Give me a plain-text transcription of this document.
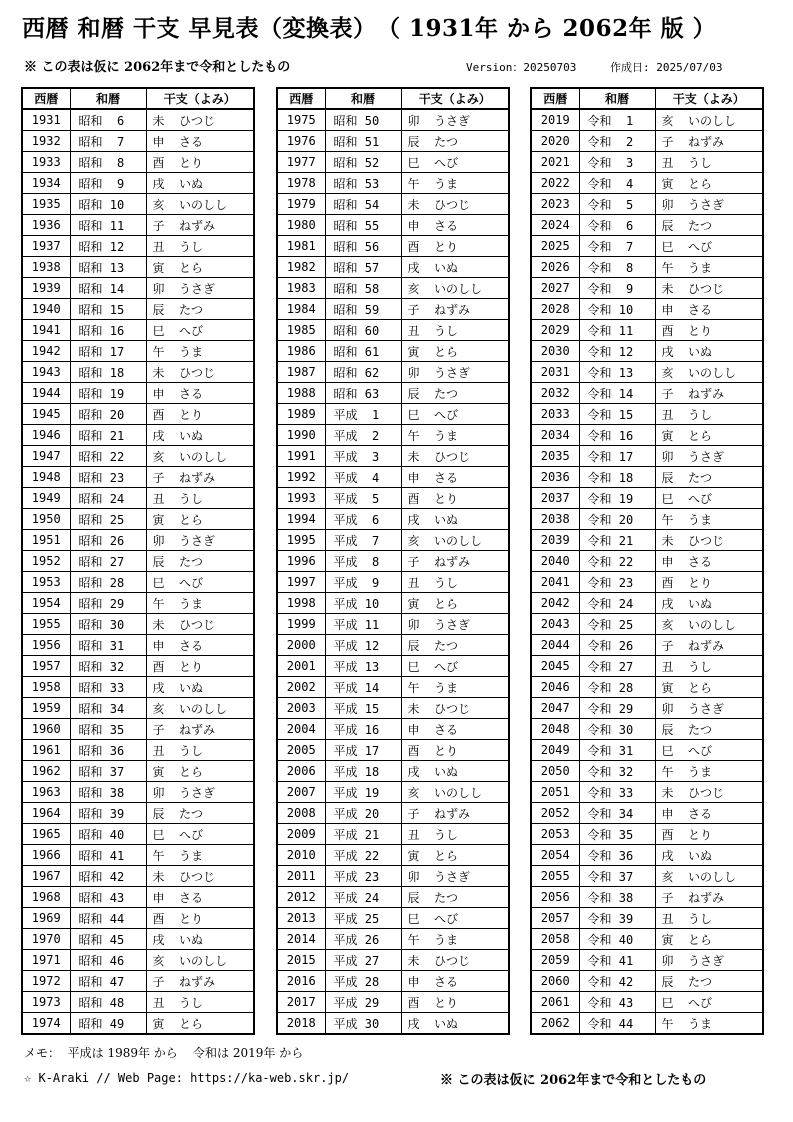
西暦 和暦 干支 早見表（変換表）　（ 1931年 から 2062年 版 ）
※ この表は仮に 2062年まで令和としたもの	Version：20250703	作成日: 2025/07/03
西暦	和暦	干支（よみ）
1931	昭和  6	未  ひつじ
1932	昭和  7	申  さる
1933	昭和  8	酉  とり
1934	昭和  9	戌  いぬ
1935	昭和 10	亥  いのしし
1936	昭和 11	子  ねずみ
1937	昭和 12	丑  うし
1938	昭和 13	寅  とら
1939	昭和 14	卯  うさぎ
1940	昭和 15	辰  たつ
1941	昭和 16	巳  へび
1942	昭和 17	午  うま
1943	昭和 18	未  ひつじ
1944	昭和 19	申  さる
1945	昭和 20	酉  とり
1946	昭和 21	戌  いぬ
1947	昭和 22	亥  いのしし
1948	昭和 23	子  ねずみ
1949	昭和 24	丑  うし
1950	昭和 25	寅  とら
1951	昭和 26	卯  うさぎ
1952	昭和 27	辰  たつ
1953	昭和 28	巳  へび
1954	昭和 29	午  うま
1955	昭和 30	未  ひつじ
1956	昭和 31	申  さる
1957	昭和 32	酉  とり
1958	昭和 33	戌  いぬ
1959	昭和 34	亥  いのしし
1960	昭和 35	子  ねずみ
1961	昭和 36	丑  うし
1962	昭和 37	寅  とら
1963	昭和 38	卯  うさぎ
1964	昭和 39	辰  たつ
1965	昭和 40	巳  へび
1966	昭和 41	午  うま
1967	昭和 42	未  ひつじ
1968	昭和 43	申  さる
1969	昭和 44	酉  とり
1970	昭和 45	戌  いぬ
1971	昭和 46	亥  いのしし
1972	昭和 47	子  ねずみ
1973	昭和 48	丑  うし
1974	昭和 49	寅  とら
西暦	和暦	干支（よみ）
1975	昭和 50	卯  うさぎ
1976	昭和 51	辰  たつ
1977	昭和 52	巳  へび
1978	昭和 53	午  うま
1979	昭和 54	未  ひつじ
1980	昭和 55	申  さる
1981	昭和 56	酉  とり
1982	昭和 57	戌  いぬ
1983	昭和 58	亥  いのしし
1984	昭和 59	子  ねずみ
1985	昭和 60	丑  うし
1986	昭和 61	寅  とら
1987	昭和 62	卯  うさぎ
1988	昭和 63	辰  たつ
1989	平成  1	巳  へび
1990	平成  2	午  うま
1991	平成  3	未  ひつじ
1992	平成  4	申  さる
1993	平成  5	酉  とり
1994	平成  6	戌  いぬ
1995	平成  7	亥  いのしし
1996	平成  8	子  ねずみ
1997	平成  9	丑  うし
1998	平成 10	寅  とら
1999	平成 11	卯  うさぎ
2000	平成 12	辰  たつ
2001	平成 13	巳  へび
2002	平成 14	午  うま
2003	平成 15	未  ひつじ
2004	平成 16	申  さる
2005	平成 17	酉  とり
2006	平成 18	戌  いぬ
2007	平成 19	亥  いのしし
2008	平成 20	子  ねずみ
2009	平成 21	丑  うし
2010	平成 22	寅  とら
2011	平成 23	卯  うさぎ
2012	平成 24	辰  たつ
2013	平成 25	巳  へび
2014	平成 26	午  うま
2015	平成 27	未  ひつじ
2016	平成 28	申  さる
2017	平成 29	酉  とり
2018	平成 30	戌  いぬ
西暦	和暦	干支（よみ）
2019	令和  1	亥  いのしし
2020	令和  2	子  ねずみ
2021	令和  3	丑  うし
2022	令和  4	寅  とら
2023	令和  5	卯  うさぎ
2024	令和  6	辰  たつ
2025	令和  7	巳  へび
2026	令和  8	午  うま
2027	令和  9	未  ひつじ
2028	令和 10	申  さる
2029	令和 11	酉  とり
2030	令和 12	戌  いぬ
2031	令和 13	亥  いのしし
2032	令和 14	子  ねずみ
2033	令和 15	丑  うし
2034	令和 16	寅  とら
2035	令和 17	卯  うさぎ
2036	令和 18	辰  たつ
2037	令和 19	巳  へび
2038	令和 20	午  うま
2039	令和 21	未  ひつじ
2040	令和 22	申  さる
2041	令和 23	酉  とり
2042	令和 24	戌  いぬ
2043	令和 25	亥  いのしし
2044	令和 26	子  ねずみ
2045	令和 27	丑  うし
2046	令和 28	寅  とら
2047	令和 29	卯  うさぎ
2048	令和 30	辰  たつ
2049	令和 31	巳  へび
2050	令和 32	午  うま
2051	令和 33	未  ひつじ
2052	令和 34	申  さる
2053	令和 35	酉  とり
2054	令和 36	戌  いぬ
2055	令和 37	亥  いのしし
2056	令和 38	子  ねずみ
2057	令和 39	丑  うし
2058	令和 40	寅  とら
2059	令和 41	卯  うさぎ
2060	令和 42	辰  たつ
2061	令和 43	巳  へび
2062	令和 44	午  うま
メモ：  平成は 1989年 から    令和は 2019年 から
☆ K-Araki // Web Page: https://ka-web.skr.jp/	※ この表は仮に 2062年まで令和としたもの
